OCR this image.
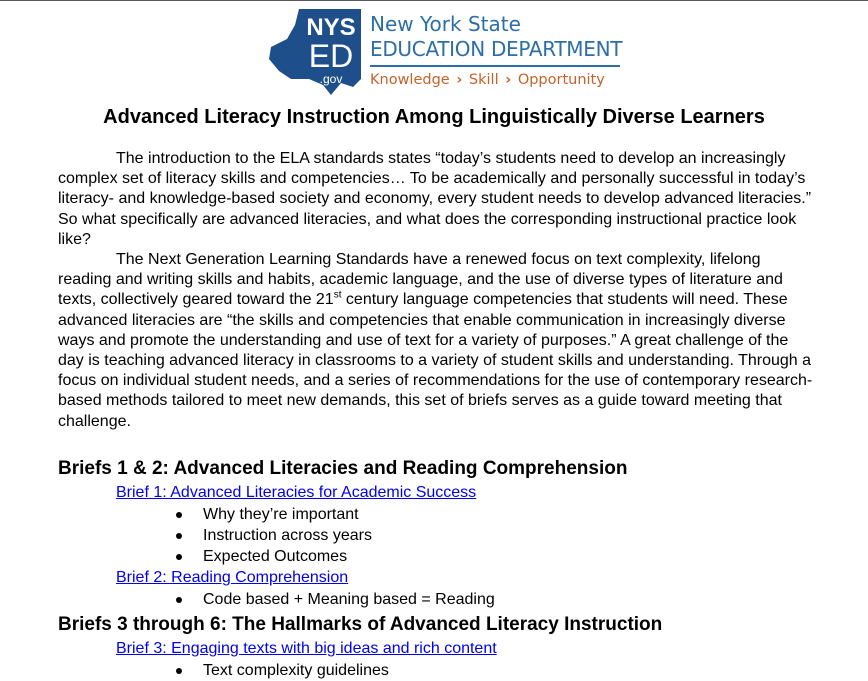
NYS
ED
.gov
New York State
EDUCATION DEPARTMENT
Knowledge › Skill › Opportunity
Advanced Literacy Instruction Among Linguistically Diverse Learners

The introduction to the ELA standards states “today’s students need to develop an increasingly complex set of literacy skills and competencies… To be academically and personally successful in today’s literacy- and knowledge-based society and economy, every student needs to develop advanced literacies.” So what specifically are advanced literacies, and what does the corresponding instructional practice look like?

The Next Generation Learning Standards have a renewed focus on text complexity, lifelong reading and writing skills and habits, academic language, and the use of diverse types of literature and texts, collectively geared toward the 21st century language competencies that students will need. These advanced literacies are “the skills and competencies that enable communication in increasingly diverse ways and promote the understanding and use of text for a variety of purposes.” A great challenge of the day is teaching advanced literacy in classrooms to a variety of student skills and understanding. Through a focus on individual student needs, and a series of recommendations for the use of contemporary research-based methods tailored to meet new demands, this set of briefs serves as a guide toward meeting that challenge.

Briefs 1 & 2: Advanced Literacies and Reading Comprehension
Brief 1: Advanced Literacies for Academic Success
Why they’re important
Instruction across years
Expected Outcomes
Brief 2: Reading Comprehension
Code based + Meaning based = Reading
Briefs 3 through 6: The Hallmarks of Advanced Literacy Instruction
Brief 3: Engaging texts with big ideas and rich content
Text complexity guidelines
